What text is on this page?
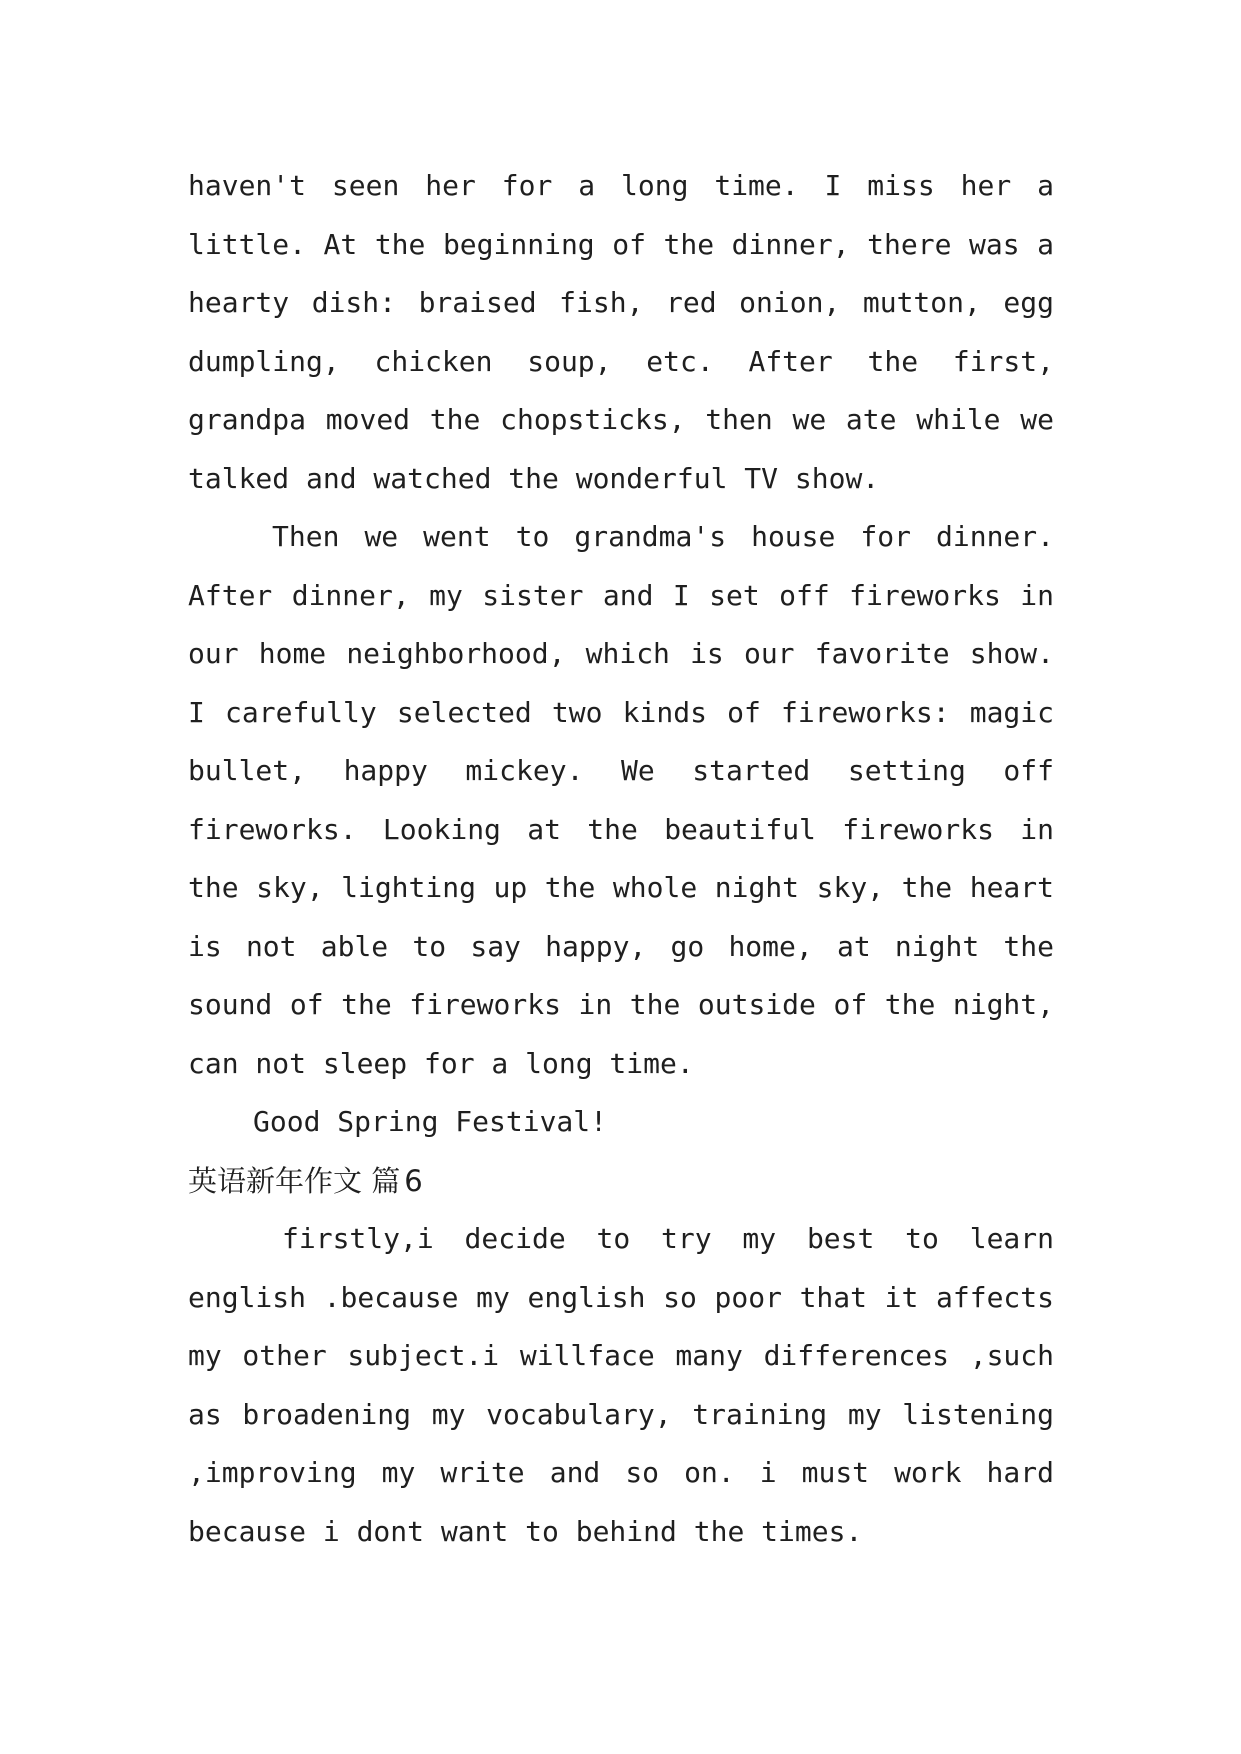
haven't seen her for a long time. I miss her a little. At the beginning of the dinner, there was a hearty dish: braised fish, red onion, mutton, egg dumpling, chicken soup, etc. After the first, grandpa moved the chopsticks, then we ate while we talked and watched the wonderful TV show.

Then we went to grandma's house for dinner. After dinner, my sister and I set off fireworks in our home neighborhood, which is our favorite show. I carefully selected two kinds of fireworks: magic bullet, happy mickey. We started setting off fireworks. Looking at the beautiful fireworks in the sky, lighting up the whole night sky, the heart is not able to say happy, go home, at night the sound of the fireworks in the outside of the night, can not sleep for a long time.

Good Spring Festival!

英语新年作文 篇 6

firstly,i decide to try my best to learn english .because my english so poor that it affects my other subject.i willface many differences ,such as broadening my vocabulary, training my listening ,improving my write and so on. i must work hard because i dont want to behind the times.
